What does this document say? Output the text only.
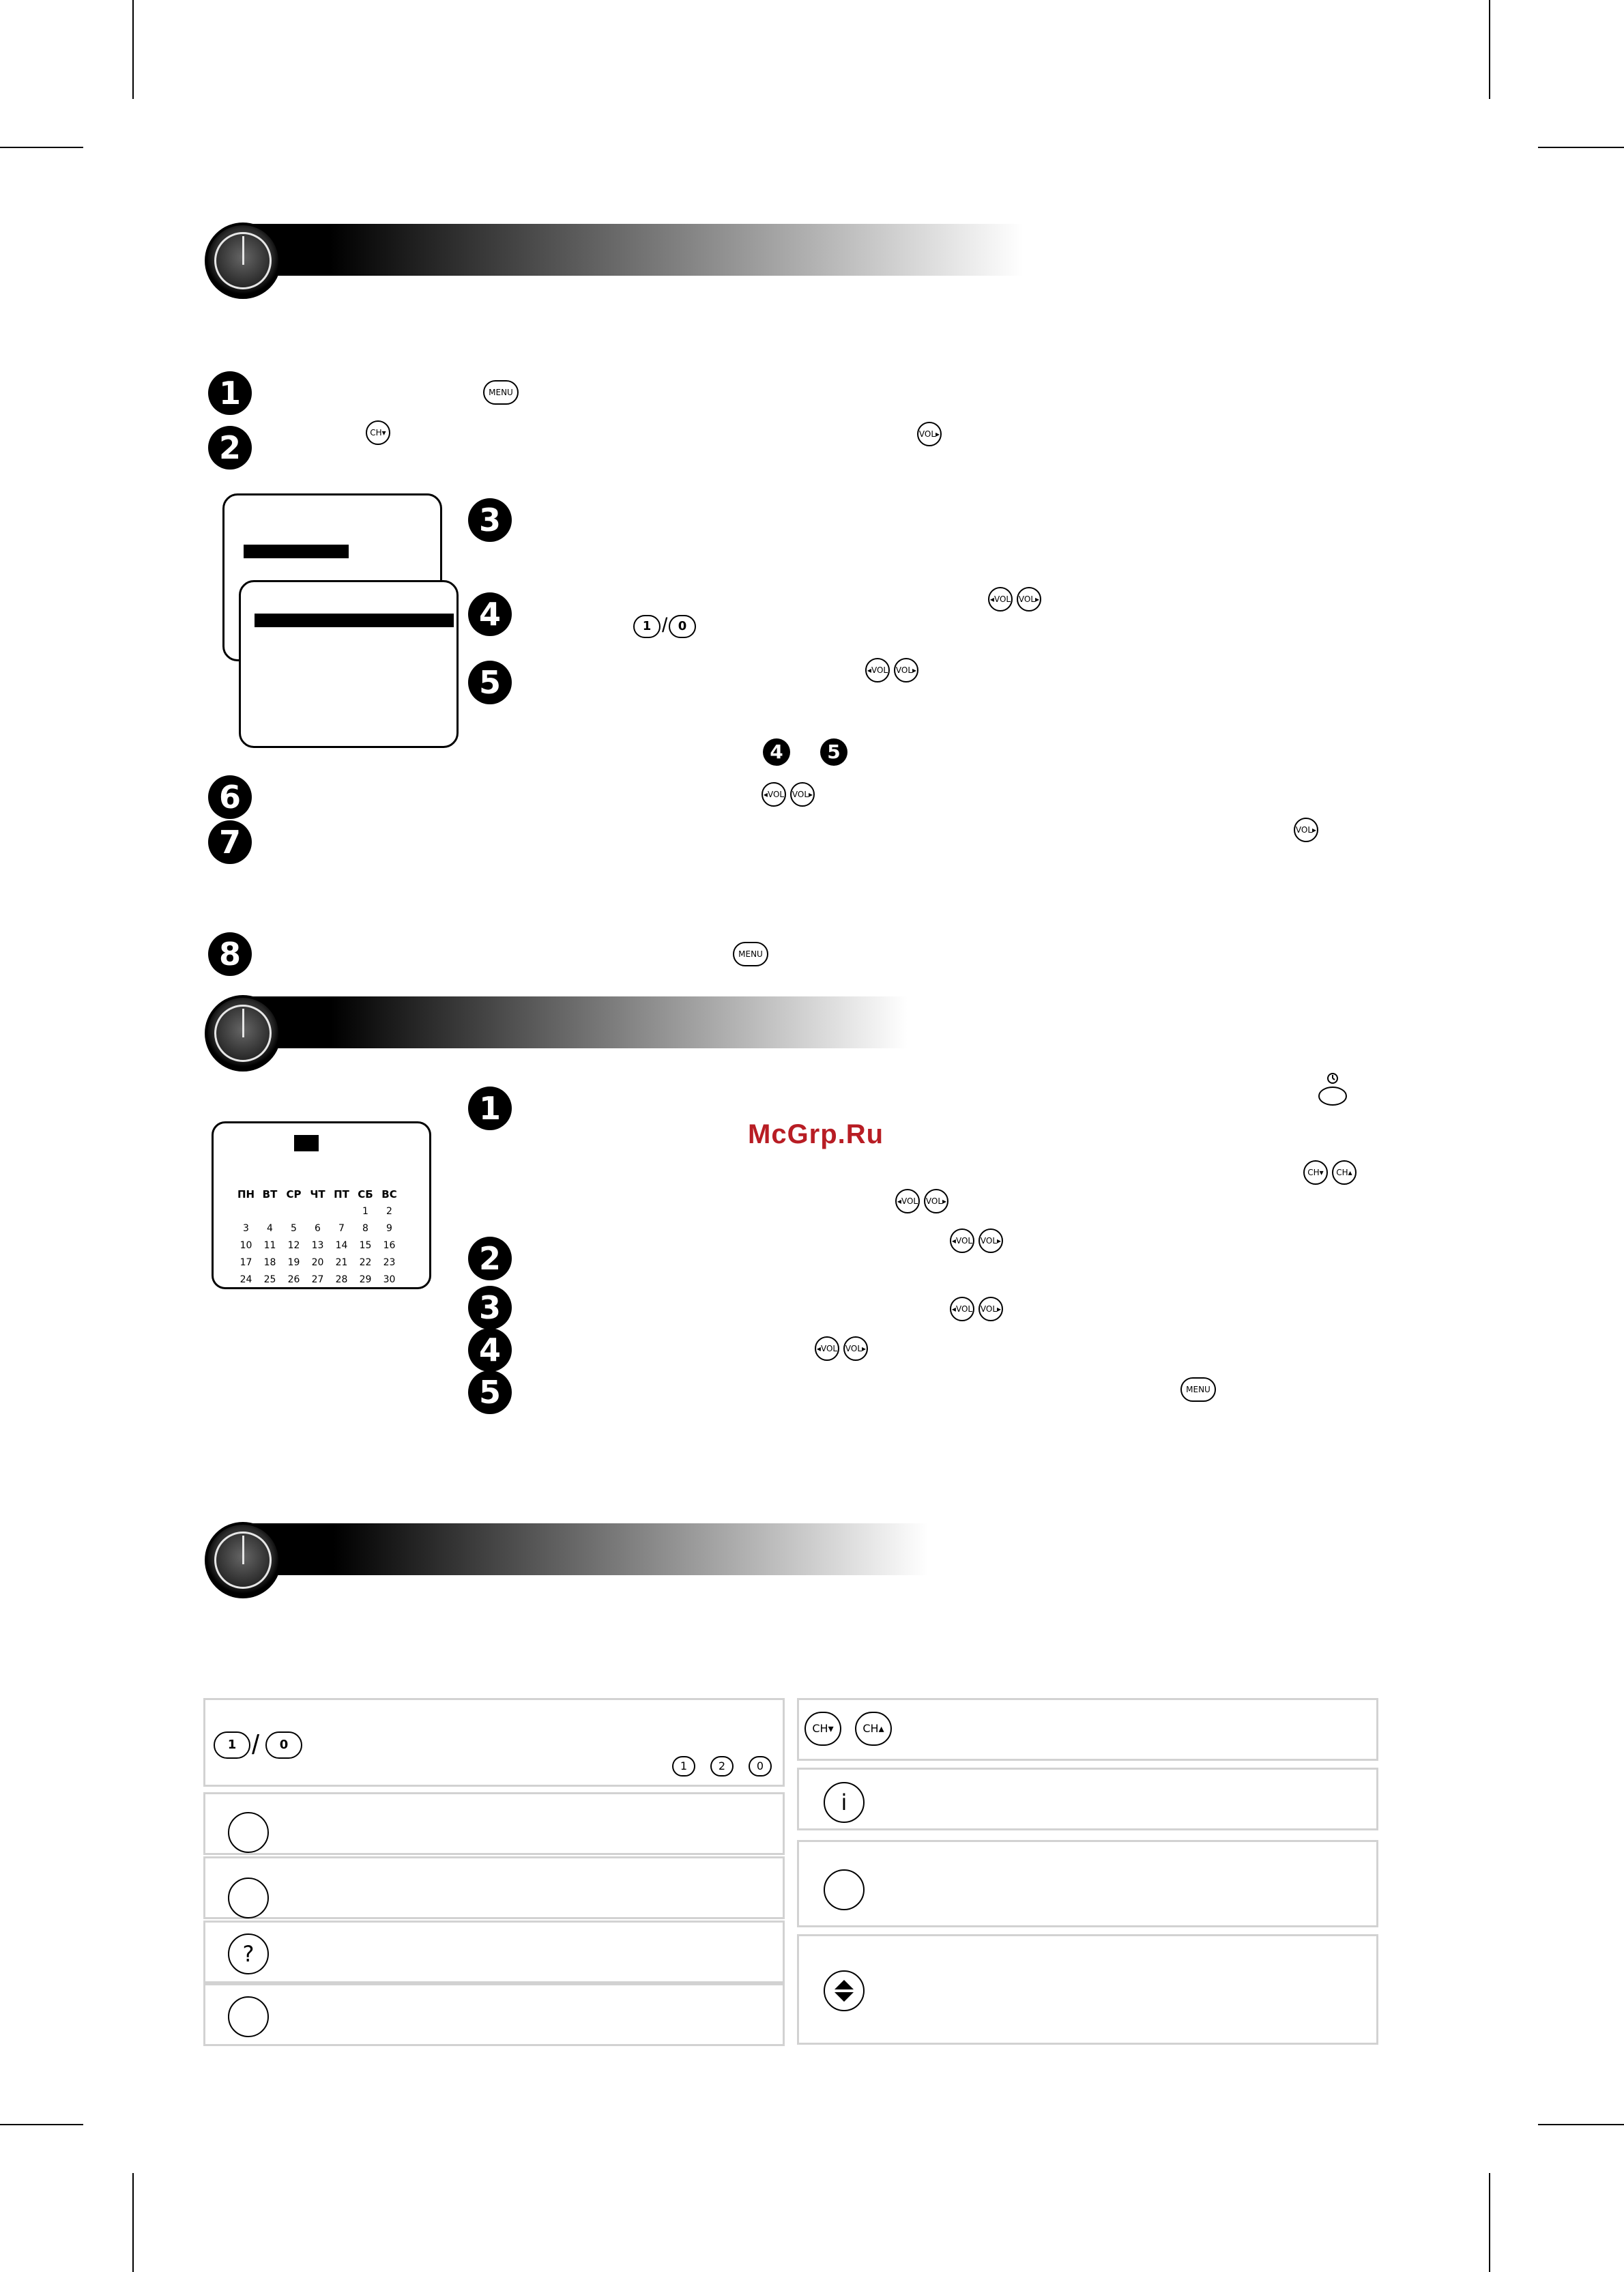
1	MENU
2	CH▾	VOL▸
3
4	◂VOL VOL▸
1 / 0
5	◂VOL VOL▸
4	5
6	◂VOL VOL▸
7	VOL▸
8	MENU
ПН	ВТ	СР	ЧТ	ПТ	СБ	ВС
					1	2
3	4	5	6	7	8	9
10	11	12	13	14	15	16
17	18	19	20	21	22	23
24	25	26	27	28	29	30
1
McGrp.Ru
CH▾	CH▴
◂VOL VOL▸
2	◂VOL VOL▸
3	◂VOL VOL▸
4	◂VOL VOL▸
5	MENU
1 /	0
1	2	0
?
CH▾	CH▴
i
